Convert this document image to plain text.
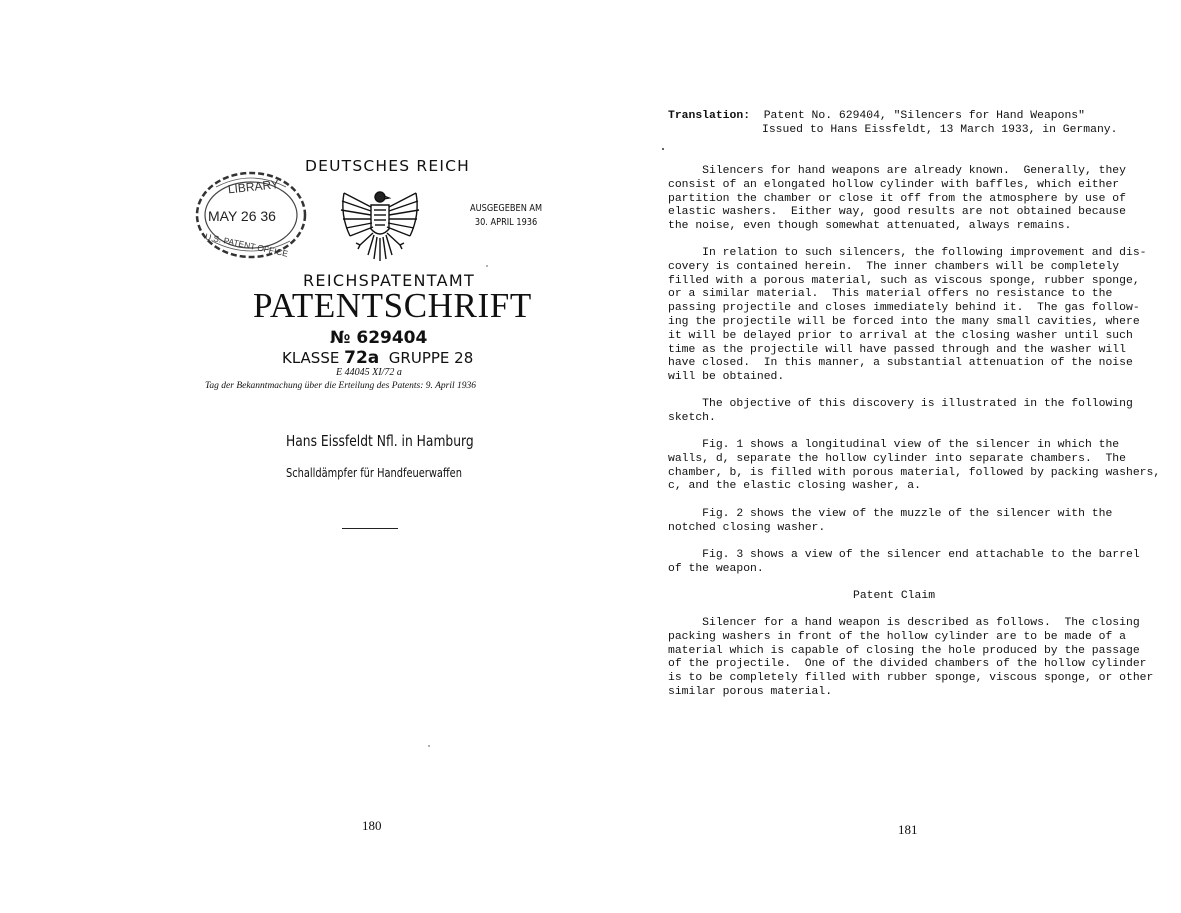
DEUTSCHES REICH
LIBRARY
MAY 26 36
U.S. PATENT OFFICE
AUSGEGEBEN AM
30. APRIL 1936
REICHSPATENTAMT
PATENTSCHRIFT
№ 629404
KLASSE 72a GRUPPE 28
E 44045 XI/72 a
Tag der Bekanntmachung über die Erteilung des Patents: 9. April 1936
Hans Eissfeldt Nfl. in Hamburg
Schalldämpfer für Handfeuerwaffen
180
Translation: Patent No. 629404, "Silencers for Hand Weapons"
Issued to Hans Eissfeldt, 13 March 1933, in Germany.
Silencers for hand weapons are already known.  Generally, they
consist of an elongated hollow cylinder with baffles, which either
partition the chamber or close it off from the atmosphere by use of
elastic washers.  Either way, good results are not obtained because
the noise, even though somewhat attenuated, always remains.
In relation to such silencers, the following improvement and dis-
covery is contained herein.  The inner chambers will be completely
filled with a porous material, such as viscous sponge, rubber sponge,
or a similar material.  This material offers no resistance to the
passing projectile and closes immediately behind it.  The gas follow-
ing the projectile will be forced into the many small cavities, where
it will be delayed prior to arrival at the closing washer until such
time as the projectile will have passed through and the washer will
have closed.  In this manner, a substantial attenuation of the noise
will be obtained.
The objective of this discovery is illustrated in the following
sketch.
Fig. 1 shows a longitudinal view of the silencer in which the
walls, d, separate the hollow cylinder into separate chambers.  The
chamber, b, is filled with porous material, followed by packing washers,
c, and the elastic closing washer, a.
Fig. 2 shows the view of the muzzle of the silencer with the
notched closing washer.
Fig. 3 shows a view of the silencer end attachable to the barrel
of the weapon.
Patent Claim
Silencer for a hand weapon is described as follows.  The closing
packing washers in front of the hollow cylinder are to be made of a
material which is capable of closing the hole produced by the passage
of the projectile.  One of the divided chambers of the hollow cylinder
is to be completely filled with rubber sponge, viscous sponge, or other
similar porous material.
181
